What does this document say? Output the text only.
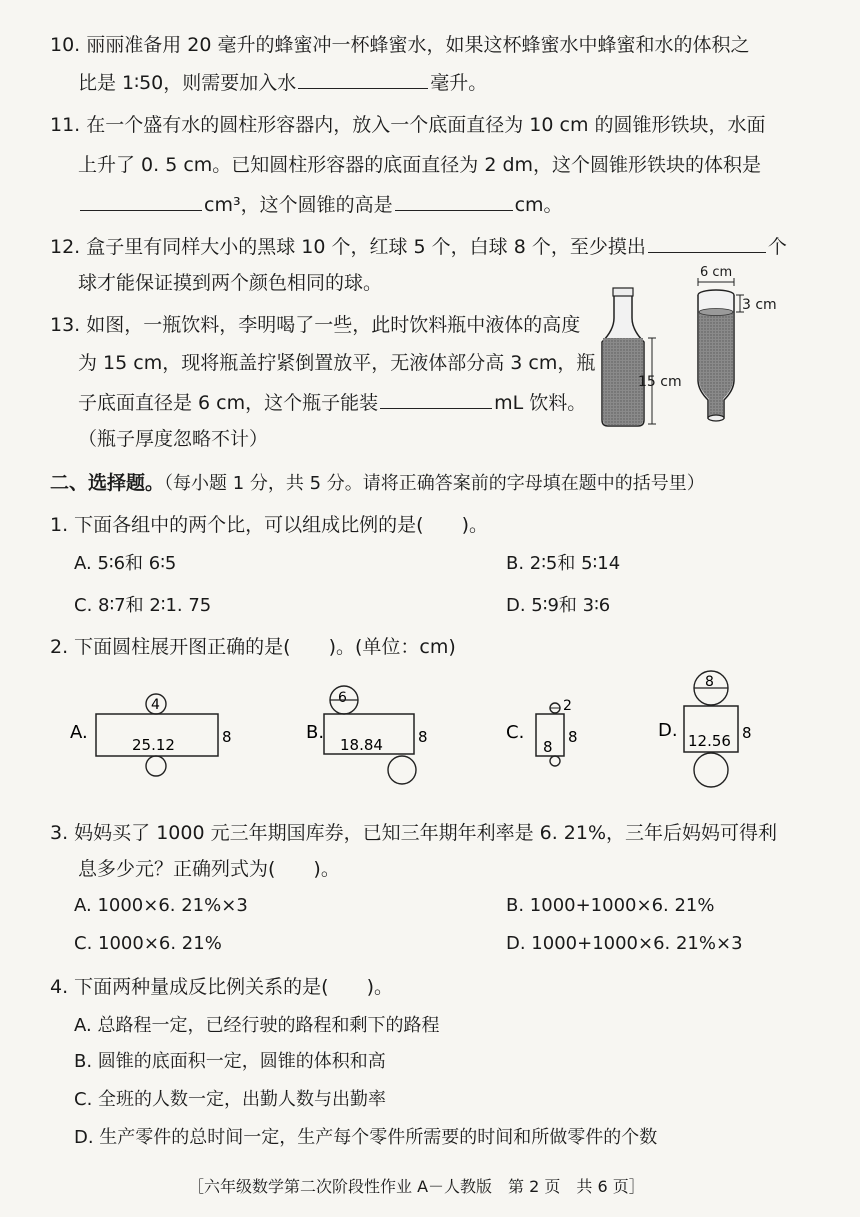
10. 丽丽准备用 20 毫升的蜂蜜冲一杯蜂蜜水，如果这杯蜂蜜水中蜂蜜和水的体积之
比是 1∶50，则需要加入水	毫升。
11. 在一个盛有水的圆柱形容器内，放入一个底面直径为 10 cm 的圆锥形铁块，水面
上升了 0. 5 cm。已知圆柱形容器的底面直径为 2 dm，这个圆锥形铁块的体积是
cm³，这个圆锥的高是	cm。
12. 盒子里有同样大小的黑球 10 个，红球 5 个，白球 8 个，至少摸出	个
球才能保证摸到两个颜色相同的球。
13. 如图，一瓶饮料，李明喝了一些，此时饮料瓶中液体的高度
为 15 cm，现将瓶盖拧紧倒置放平，无液体部分高 3 cm，瓶
子底面直径是 6 cm，这个瓶子能装	mL 饮料。
（瓶子厚度忽略不计）
15 cm
6 cm
3 cm
二、选择题。（每小题 1 分，共 5 分。请将正确答案前的字母填在题中的括号里）
1. 下面各组中的两个比，可以组成比例的是(　　)。
A. 5∶6和 6∶5	B. 2∶5和 5∶14
C. 8∶7和 2∶1. 75	D. 5∶9和 3∶6
2. 下面圆柱展开图正确的是(　　)。(单位：cm)
A.
4
25.12	8	B.
6
18.84 8	C.
2
8
8	D.
8
12.56 8
3. 妈妈买了 1000 元三年期国库券，已知三年期年利率是 6. 21%，三年后妈妈可得利
息多少元？正确列式为(　　)。
A. 1000×6. 21%×3	B. 1000+1000×6. 21%
C. 1000×6. 21%	D. 1000+1000×6. 21%×3
4. 下面两种量成反比例关系的是(　　)。
A. 总路程一定，已经行驶的路程和剩下的路程
B. 圆锥的底面积一定，圆锥的体积和高
C. 全班的人数一定，出勤人数与出勤率
D. 生产零件的总时间一定，生产每个零件所需要的时间和所做零件的个数
［六年级数学第二次阶段性作业 A－人教版　第 2 页　共 6 页］
